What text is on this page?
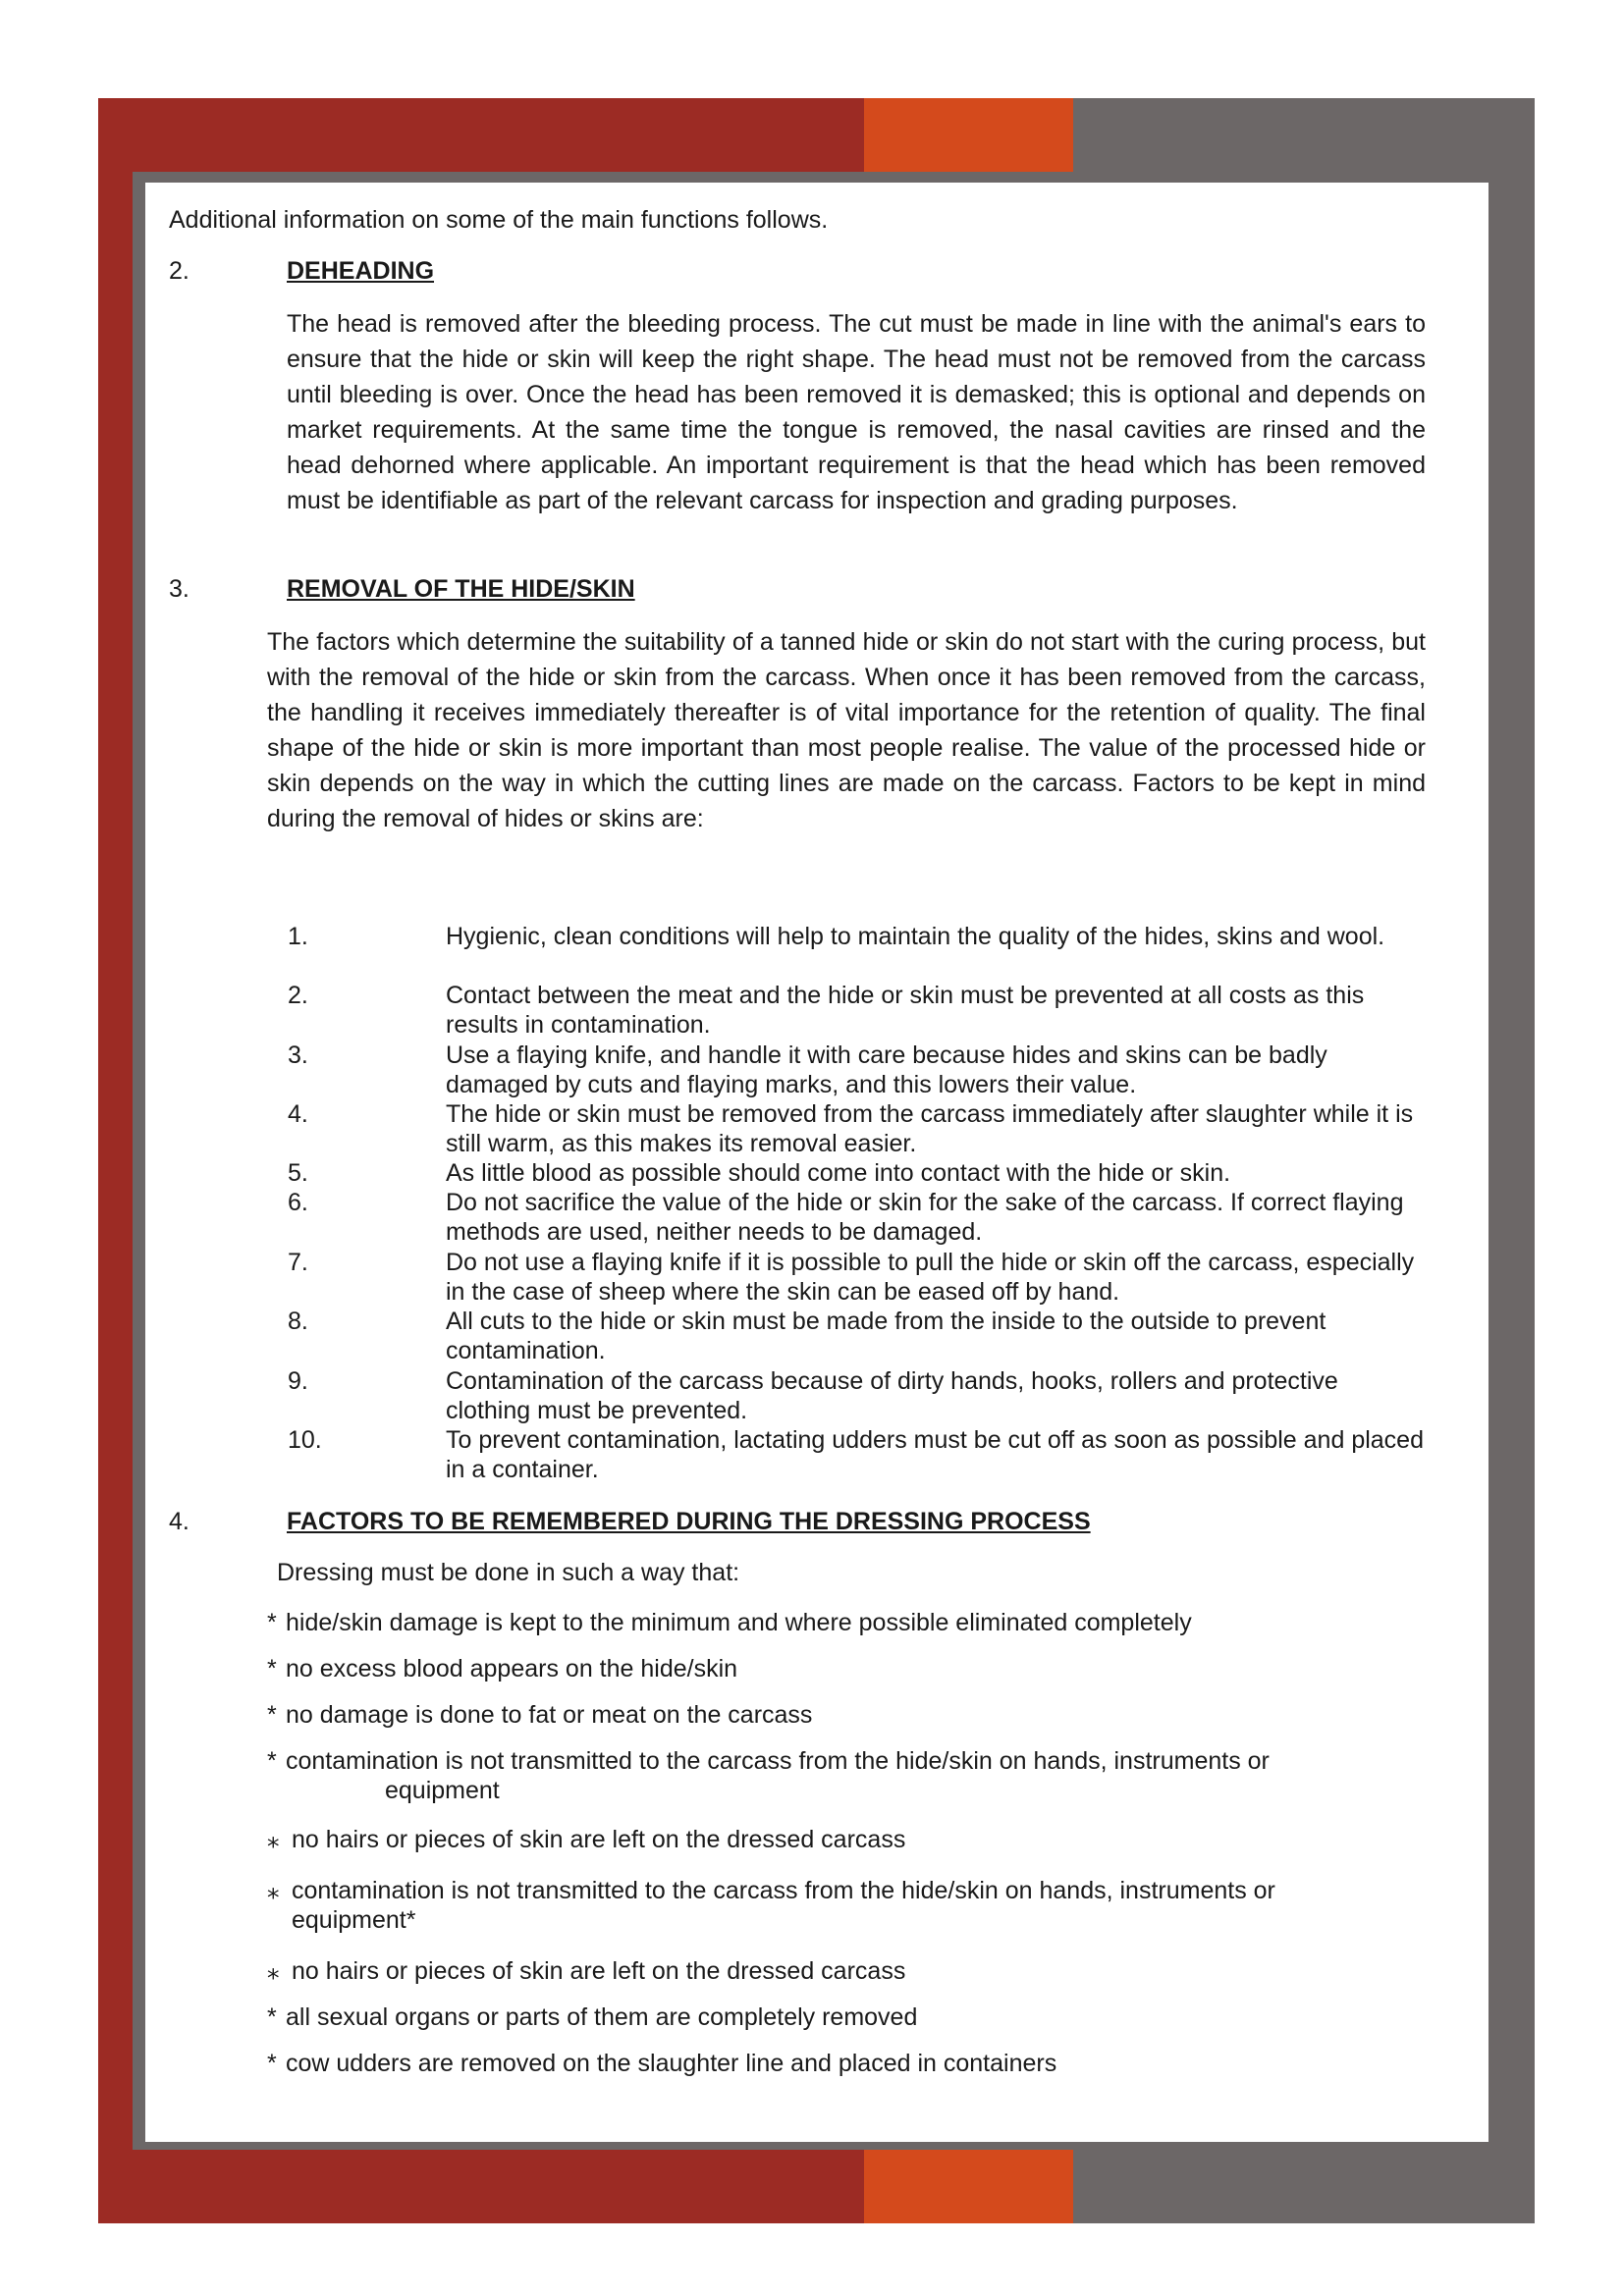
Additional information on some of the main functions follows.
2.	DEHEADING
The head is removed after the bleeding process. The cut must be made in line with the animal's ears to ensure that the hide or skin will keep the right shape. The head must not be removed from the carcass until bleeding is over. Once the head has been removed it is demasked; this is optional and depends on market requirements. At the same time the tongue is removed, the nasal cavities are rinsed and the head dehorned where applicable. An important requirement is that the head which has been removed must be identifiable as part of the relevant carcass for inspection and grading purposes.
3.	REMOVAL OF THE HIDE/SKIN
The factors which determine the suitability of a tanned hide or skin do not start with the curing process, but with the removal of the hide or skin from the carcass. When once it has been removed from the carcass, the handling it receives immediately thereafter is of vital importance for the retention of quality. The final shape of the hide or skin is more important than most people realise. The value of the processed hide or skin depends on the way in which the cutting lines are made on the carcass. Factors to be kept in mind during the removal of hides or skins are:
1.	Hygienic, clean conditions will help to maintain the quality of the hides, skins and wool.
2.	Contact between the meat and the hide or skin must be prevented at all costs as this results in contamination.
3.	Use a flaying knife, and handle it with care because hides and skins can be badly damaged by cuts and flaying marks, and this lowers their value.
4.	The hide or skin must be removed from the carcass immediately after slaughter while it is still warm, as this makes its removal easier.
5.	As little blood as possible should come into contact with the hide or skin.
6.	Do not sacrifice the value of the hide or skin for the sake of the carcass. If correct flaying methods are used, neither needs to be damaged.
7.	Do not use a flaying knife if it is possible to pull the hide or skin off the carcass, especially in the case of sheep where the skin can be eased off by hand.
8.	All cuts to the hide or skin must be made from the inside to the outside to prevent contamination.
9.	Contamination of the carcass because of dirty hands, hooks, rollers and protective clothing must be prevented.
10.	To prevent contamination, lactating udders must be cut off as soon as possible and placed in a container.
4.	FACTORS TO BE REMEMBERED DURING THE DRESSING PROCESS
Dressing must be done in such a way that:
* hide/skin damage is kept to the minimum and where possible eliminated completely
* no excess blood appears on the hide/skin
* no damage is done to fat or meat on the carcass
* contamination is not transmitted to the carcass from the hide/skin on hands, instruments or
equipment
⁎ no hairs or pieces of skin are left on the dressed carcass
⁎ contamination is not transmitted to the carcass from the hide/skin on hands, instruments or
equipment*
⁎ no hairs or pieces of skin are left on the dressed carcass
* all sexual organs or parts of them are completely removed
* cow udders are removed on the slaughter line and placed in containers
